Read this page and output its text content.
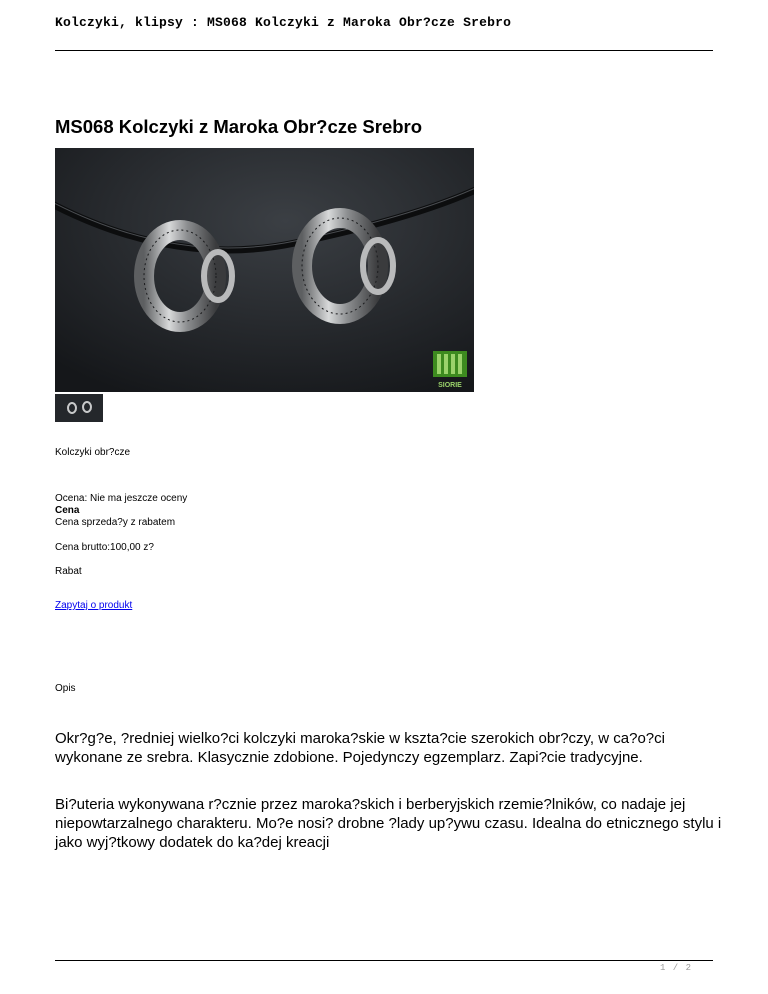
Kolczyki, klipsy : MS068 Kolczyki z Maroka Obr?cze Srebro
MS068 Kolczyki z Maroka Obr?cze Srebro
SIORIE
Kolczyki obr?cze
Ocena: Nie ma jeszcze oceny
Cena
Cena sprzeda?y z rabatem
Cena brutto:100,00 z?
Rabat
Zapytaj o produkt
Opis

Okr?g?e, ?redniej wielko?ci kolczyki maroka?skie w kszta?cie szerokich obr?czy, w ca?o?ci wykonane ze srebra. Klasycznie zdobione. Pojedynczy egzemplarz. Zapi?cie tradycyjne.

Bi?uteria wykonywana r?cznie przez maroka?skich i berberyjskich rzemie?lników, co nadaje jej niepowtarzalnego charakteru. Mo?e nosi? drobne ?lady up?ywu czasu. Idealna do etnicznego stylu i jako wyj?tkowy dodatek do ka?dej kreacji

1 / 2
